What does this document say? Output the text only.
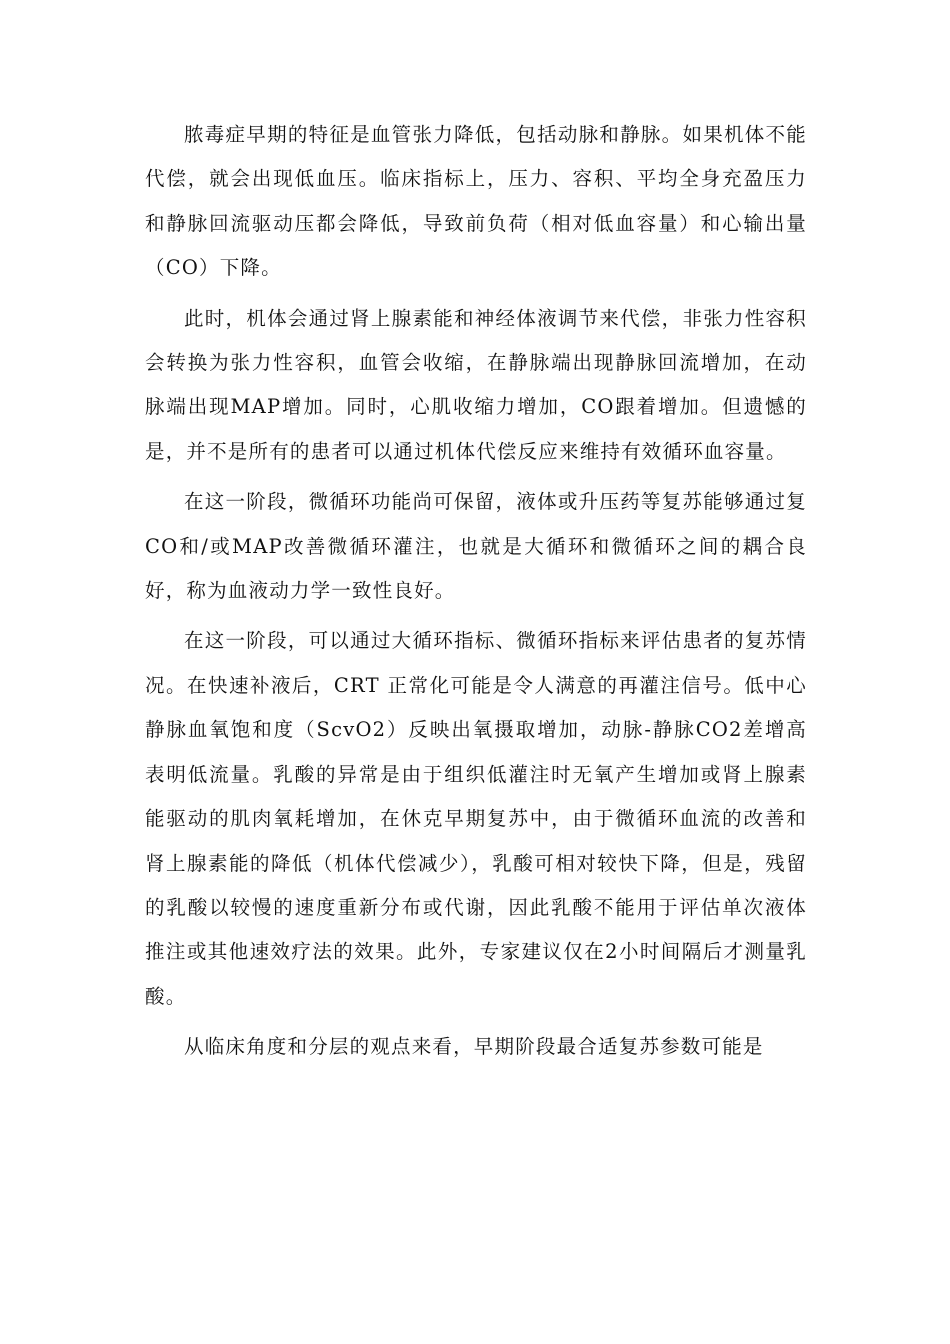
脓毒症早期的特征是血管张力降低，包括动脉和静脉。如果机体不能代偿，就会出现低血压。临床指标上，压力、容积、平均全身充盈压力和静脉回流驱动压都会降低，导致前负荷（相对低血容量）和心输出量（CO）下降。

此时，机体会通过肾上腺素能和神经体液调节来代偿，非张力性容积会转换为张力性容积，血管会收缩，在静脉端出现静脉回流增加，在动脉端出现MAP增加。同时，心肌收缩力增加，CO跟着增加。但遗憾的是，并不是所有的患者可以通过机体代偿反应来维持有效循环血容量。

在这一阶段，微循环功能尚可保留，液体或升压药等复苏能够通过复CO和/或MAP改善微循环灌注，也就是大循环和微循环之间的耦合良好，称为血液动力学一致性良好。

在这一阶段，可以通过大循环指标、微循环指标来评估患者的复苏情况。在快速补液后，CRT 正常化可能是令人满意的再灌注信号。低中心静脉血氧饱和度（ScvO2）反映出氧摄取增加，动脉-静脉CO2差增高表明低流量。乳酸的异常是由于组织低灌注时无氧产生增加或肾上腺素能驱动的肌肉氧耗增加，在休克早期复苏中，由于微循环血流的改善和肾上腺素能的降低（机体代偿减少），乳酸可相对较快下降，但是，残留的乳酸以较慢的速度重新分布或代谢，因此乳酸不能用于评估单次液体推注或其他速效疗法的效果。此外，专家建议仅在2小时间隔后才测量乳酸。

从临床角度和分层的观点来看，早期阶段最合适复苏参数可能是
